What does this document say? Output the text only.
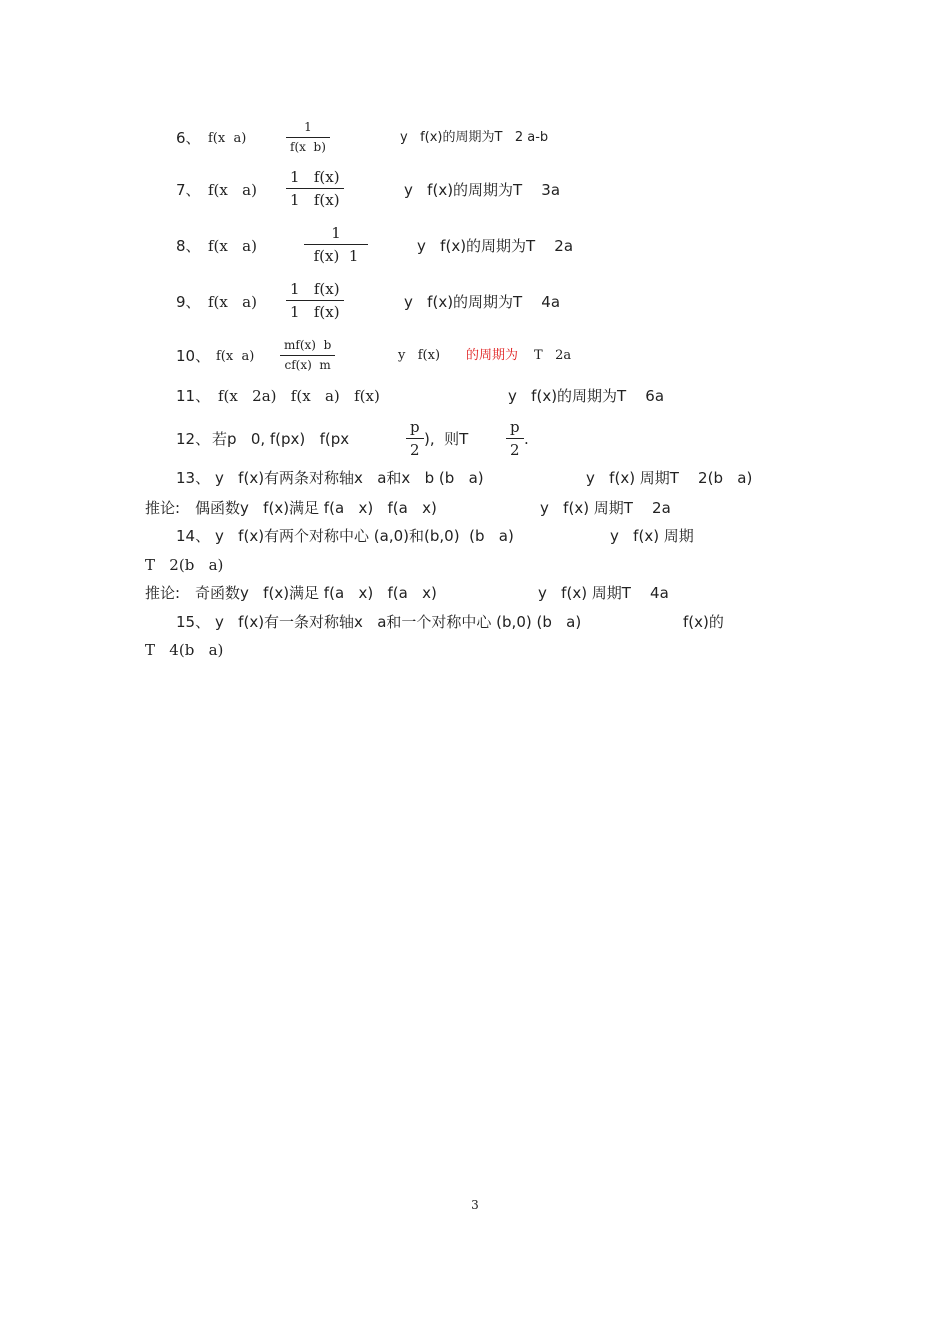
6、 f(x  a)
1
f(x  b)
y   f(x)的周期为T   2 a-b
7、 f(x   a)
1   f(x)
1   f(x)
y   f(x)的周期为T    3a
8、 f(x   a)
1
f(x)  1
y   f(x)的周期为T    2a
9、 f(x   a)
1   f(x)
1   f(x)
y   f(x)的周期为T    4a
10、 f(x  a)
mf(x)  b
cf(x)  m
y   f(x) 的周期为 T   2a
11、 f(x   2a)   f(x   a)   f(x)	y   f(x)的周期为T    6a
12、 若p   0, f(px)   f(px
p
2
),  则T
p
2
.
13、 y   f(x)有两条对称轴x   a和x   b (b   a)	y   f(x) 周期T    2(b   a)
推论: 偶函数y   f(x)满足 f(a   x)   f(a   x)	y   f(x) 周期T    2a
14、 y   f(x)有两个对称中心 (a,0)和(b,0)  (b   a)	y   f(x) 周期
T   2(b   a)
推论: 奇函数y   f(x)满足 f(a   x)   f(a   x)	y   f(x) 周期T    4a
15、 y   f(x)有一条对称轴x   a和一个对称中心 (b,0) (b   a)	f(x)的
T   4(b   a)
3
